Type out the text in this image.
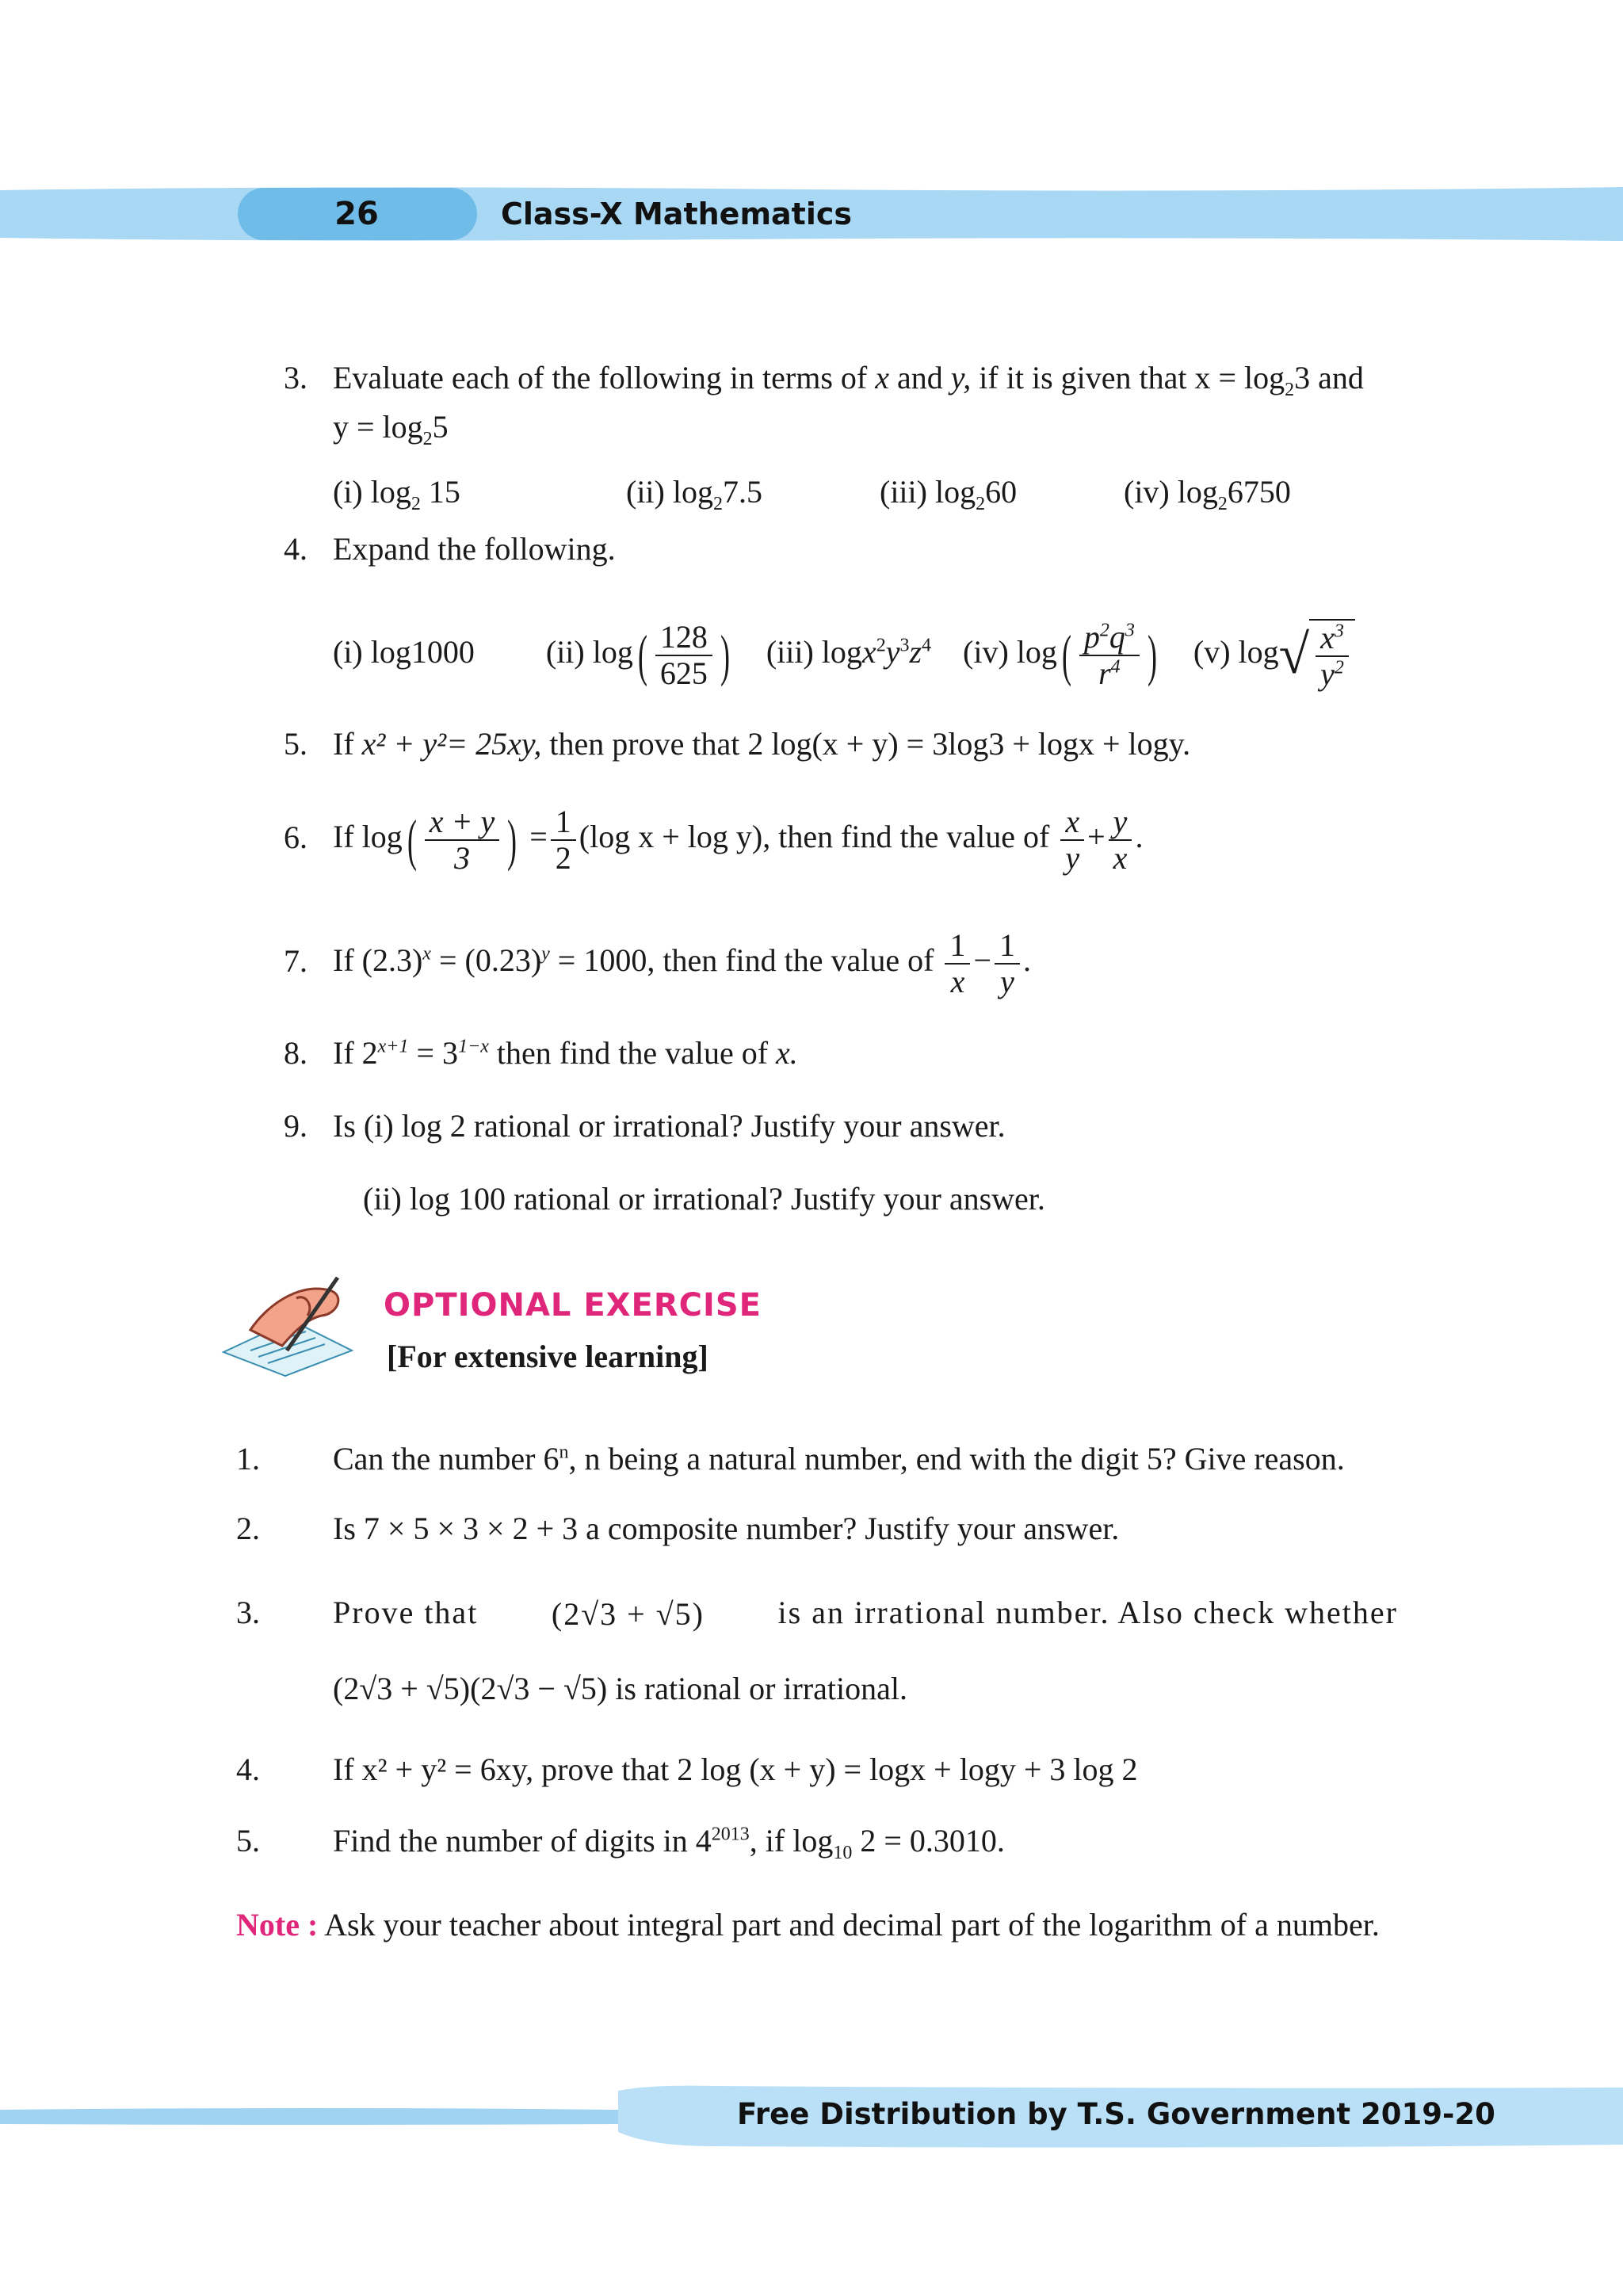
26	Class-X Mathematics
3. Evaluate each of the following in terms of x and y, if it is given that $x = \log_23$ and
$y = \log_25$
(i) $\log_2 15$	(ii) $\log_27.5$	(iii) $\log_260$	(iv) $\log_26750$
4. Expand the following.
(i) log1000 (ii) $\log( \frac{128}{625}$ ) (iii) $\log x^2y^3z^4$ (iv) $\log( \frac{p^2q^3}{r^4}$ ) (v) $\log√ \frac{x^3}{y^2}$
5. If x² + y²= 25xy, then prove that 2 log(x + y) = 3log3 + logx + logy.
6. If $\log( \frac{x + y}{3}$ ) = $\frac{1}{2} (\log$ x + log y), then find the value of $\frac{x}{y} + \frac{y}{x}$ .
7. If $(2.3)^x = (0.23)^y = 1000$, then find the value of $\frac{1}{x} - \frac{1}{y}$ .
8. If $2^{x+1} = 3^{1-x}$ then find the value of x.
9. Is (i) log 2 rational or irrational? Justify your answer.
(ii) log 100 rational or irrational? Justify your answer.
OPTIONAL EXERCISE
[For extensive learning]
1. Can the number 6$^n$, n being a natural number, end with the digit 5? Give reason.
2. Is 7 × 5 × 3 × 2 + 3 a composite number? Justify your answer.
3. Prove that (2√3 + √5) is an irrational number. Also check whether
(2√3 + √5)(2√3 − √5) is rational or irrational.
4. If x² + y² = 6xy, prove that 2 log (x + y) = logx + logy + 3 log 2
5. Find the number of digits in $4^{2013}$, if $\log_{10} 2 = 0.3010$.
Note : Ask your teacher about integral part and decimal part of the logarithm of a number.
Free Distribution by T.S. Government 2019-20
